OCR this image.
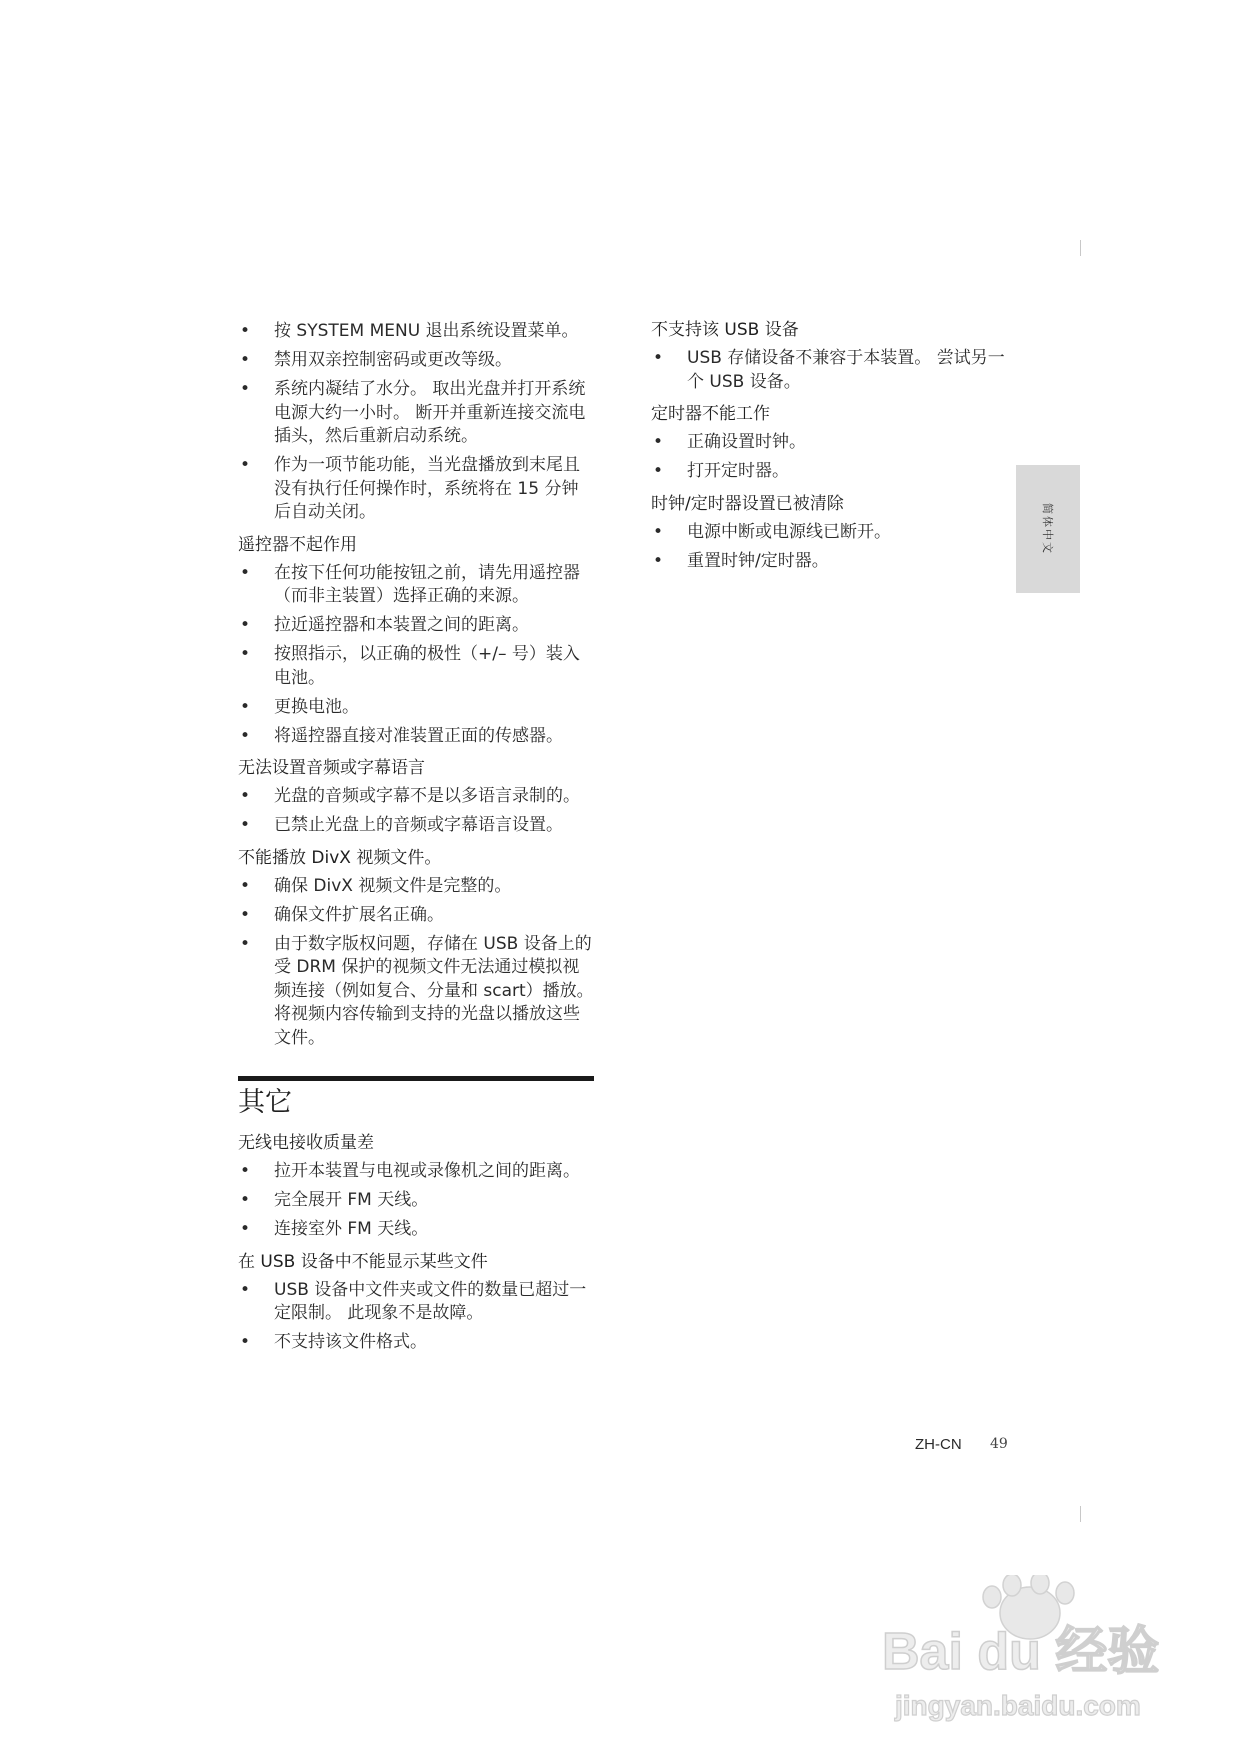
• 按 SYSTEM MENU 退出系统设置菜单。
• 禁用双亲控制密码或更改等级。
• 系统内凝结了水分。 取出光盘并打开系统电源大约一小时。 断开并重新连接交流电插头，然后重新启动系统。
• 作为一项节能功能，当光盘播放到末尾且没有执行任何操作时，系统将在 15 分钟后自动关闭。
遥控器不起作用
• 在按下任何功能按钮之前，请先用遥控器（而非主装置）选择正确的来源。
• 拉近遥控器和本装置之间的距离。
• 按照指示，以正确的极性（+/– 号）装入电池。
• 更换电池。
• 将遥控器直接对准装置正面的传感器。
无法设置音频或字幕语言
• 光盘的音频或字幕不是以多语言录制的。
• 已禁止光盘上的音频或字幕语言设置。
不能播放 DivX 视频文件。
• 确保 DivX 视频文件是完整的。
• 确保文件扩展名正确。
• 由于数字版权问题，存储在 USB 设备上的受 DRM 保护的视频文件无法通过模拟视频连接（例如复合、分量和 scart）播放。 将视频内容传输到支持的光盘以播放这些文件。
其它
无线电接收质量差
• 拉开本装置与电视或录像机之间的距离。
• 完全展开 FM 天线。
• 连接室外 FM 天线。
在 USB 设备中不能显示某些文件
• USB 设备中文件夹或文件的数量已超过一定限制。 此现象不是故障。
• 不支持该文件格式。
不支持该 USB 设备
• USB 存储设备不兼容于本装置。 尝试另一个 USB 设备。
定时器不能工作
• 正确设置时钟。
• 打开定时器。
时钟/定时器设置已被清除
• 电源中断或电源线已断开。
• 重置时钟/定时器。
简体中文
ZH-CN 49
Bai du 经验
jingyan.baidu.com
